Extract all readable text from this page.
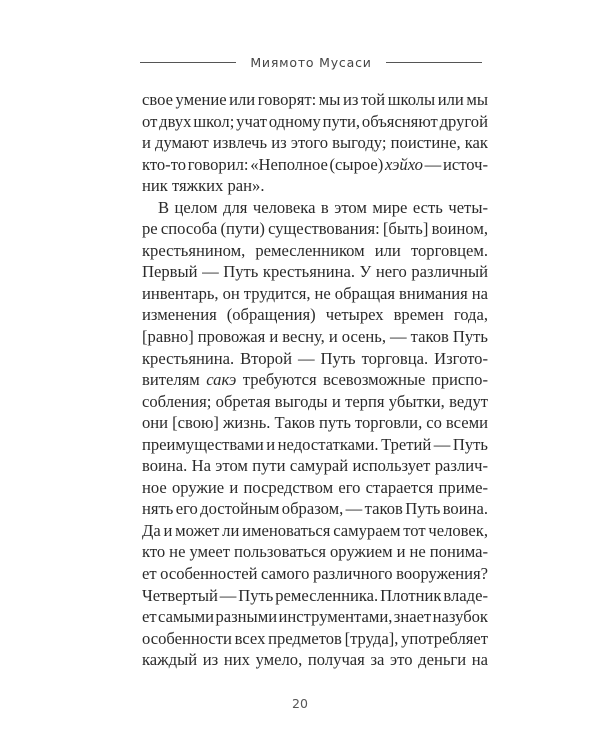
Миямото Мусаси
свое умение или говорят: мы из той школы или мы
от двух школ; учат одному пути, объясняют другой
и думают извлечь из этого выгоду; поистине, как
кто-то говорил: «Неполное (сырое) хэйхо — источ-
ник тяжких ран».
В целом для человека в этом мире есть четы-
ре способа (пути) существования: [быть] воином,
крестьянином, ремесленником или торговцем.
Первый — Путь крестьянина. У него различный
инвентарь, он трудится, не обращая внимания на
изменения (обращения) четырех времен года,
[равно] провожая и весну, и осень, — таков Путь
крестьянина. Второй — Путь торговца. Изгото-
вителям сакэ требуются всевозможные приспо-
собления; обретая выгоды и терпя убытки, ведут
они [свою] жизнь. Таков путь торговли, со всеми
преимуществами и недостатками. Третий — Путь
воина. На этом пути самурай использует различ-
ное оружие и посредством его старается приме-
нять его достойным образом, — таков Путь воина.
Да и может ли именоваться самураем тот человек,
кто не умеет пользоваться оружием и не понима-
ет особенностей самого различного вооружения?
Четвертый — Путь ремесленника. Плотник владе-
ет самыми разными инструментами, знает назубок
особенности всех предметов [труда], употребляет
каждый из них умело, получая за это деньги на
20
